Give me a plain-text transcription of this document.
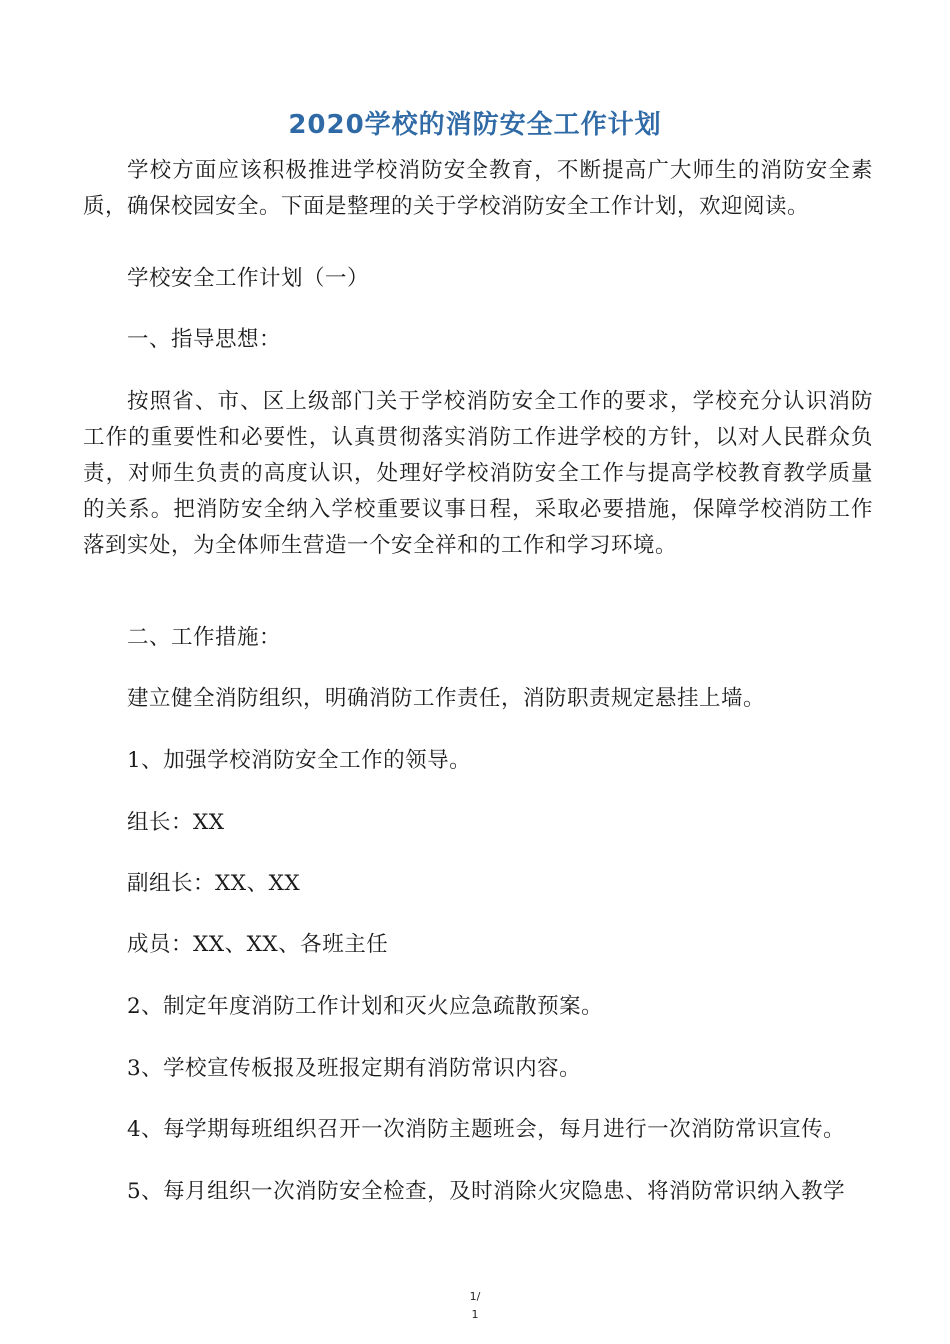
2020学校的消防安全工作计划
学校方面应该积极推进学校消防安全教育，不断提高广大师生的消防安全素质，确保校园安全。下面是整理的关于学校消防安全工作计划，欢迎阅读。
学校安全工作计划（一）
一、指导思想：
按照省、市、区上级部门关于学校消防安全工作的要求，学校充分认识消防工作的重要性和必要性，认真贯彻落实消防工作进学校的方针，以对人民群众负责，对师生负责的高度认识，处理好学校消防安全工作与提高学校教育教学质量的关系。把消防安全纳入学校重要议事日程，采取必要措施，保障学校消防工作落到实处，为全体师生营造一个安全祥和的工作和学习环境。
二、工作措施：
建立健全消防组织，明确消防工作责任，消防职责规定悬挂上墙。
1、加强学校消防安全工作的领导。
组长：XX
副组长：XX、XX
成员：XX、XX、各班主任
2、制定年度消防工作计划和灭火应急疏散预案。
3、学校宣传板报及班报定期有消防常识内容。
4、每学期每班组织召开一次消防主题班会，每月进行一次消防常识宣传。
5、每月组织一次消防安全检查，及时消除火灾隐患、将消防常识纳入教学
1/
1
